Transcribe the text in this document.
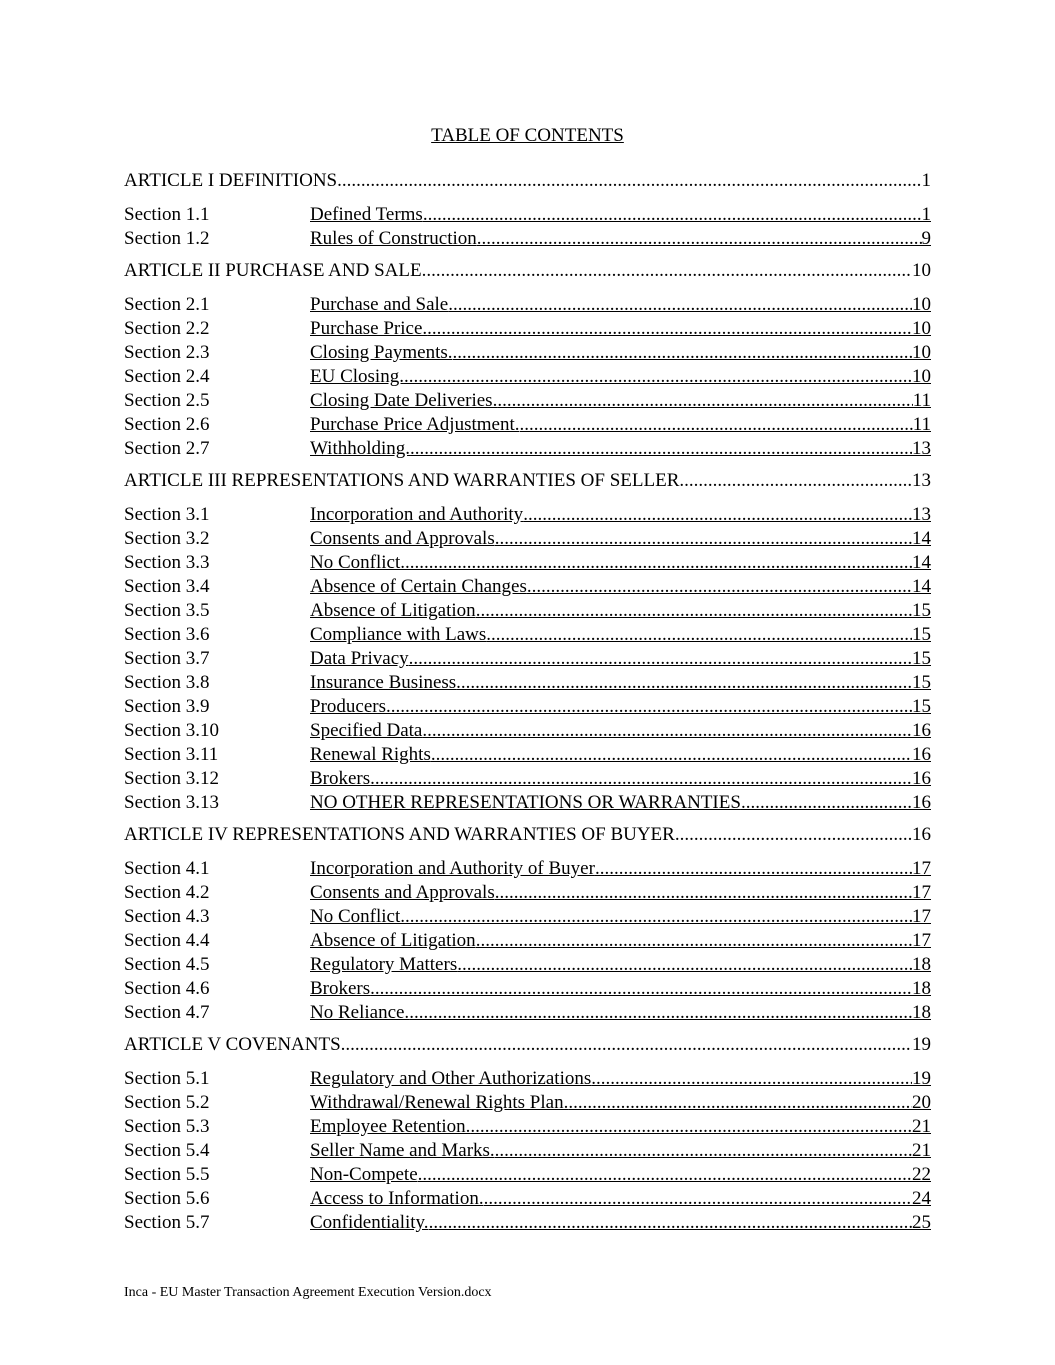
TABLE OF CONTENTS
ARTICLE I DEFINITIONS .....	1
Section 1.1	Defined Terms .....	1
Section 1.2	Rules of Construction .....	9
ARTICLE II PURCHASE AND SALE .....	10
Section 2.1	Purchase and Sale .....	10
Section 2.2	Purchase Price. .....	10
Section 2.3	Closing Payments. .....	10
Section 2.4	EU Closing. .....	10
Section 2.5	Closing Date Deliveries. .....	11
Section 2.6	Purchase Price Adjustment. .....	11
Section 2.7	Withholding. .....	13
ARTICLE III REPRESENTATIONS AND WARRANTIES OF SELLER .....	13
Section 3.1	Incorporation and Authority .....	13
Section 3.2	Consents and Approvals .....	14
Section 3.3	No Conflict. .....	14
Section 3.4	Absence of Certain Changes .....	14
Section 3.5	Absence of Litigation .....	15
Section 3.6	Compliance with Laws .....	15
Section 3.7	Data Privacy .....	15
Section 3.8	Insurance Business .....	15
Section 3.9	Producers .....	15
Section 3.10	Specified Data .....	16
Section 3.11	Renewal Rights .....	16
Section 3.12	Brokers .....	16
Section 3.13	NO OTHER REPRESENTATIONS OR WARRANTIES .....	16
ARTICLE IV REPRESENTATIONS AND WARRANTIES OF BUYER .....	16
Section 4.1	Incorporation and Authority of Buyer .....	17
Section 4.2	Consents and Approvals .....	17
Section 4.3	No Conflict. .....	17
Section 4.4	Absence of Litigation .....	17
Section 4.5	Regulatory Matters .....	18
Section 4.6	Brokers .....	18
Section 4.7	No Reliance. .....	18
ARTICLE V COVENANTS .....	19
Section 5.1	Regulatory and Other Authorizations .....	19
Section 5.2	Withdrawal/Renewal Rights Plan. .....	20
Section 5.3	Employee Retention. .....	21
Section 5.4	Seller Name and Marks. .....	21
Section 5.5	Non-Compete .....	22
Section 5.6	Access to Information. .....	24
Section 5.7	Confidentiality. .....	25
Inca - EU Master Transaction Agreement Execution Version.docx
